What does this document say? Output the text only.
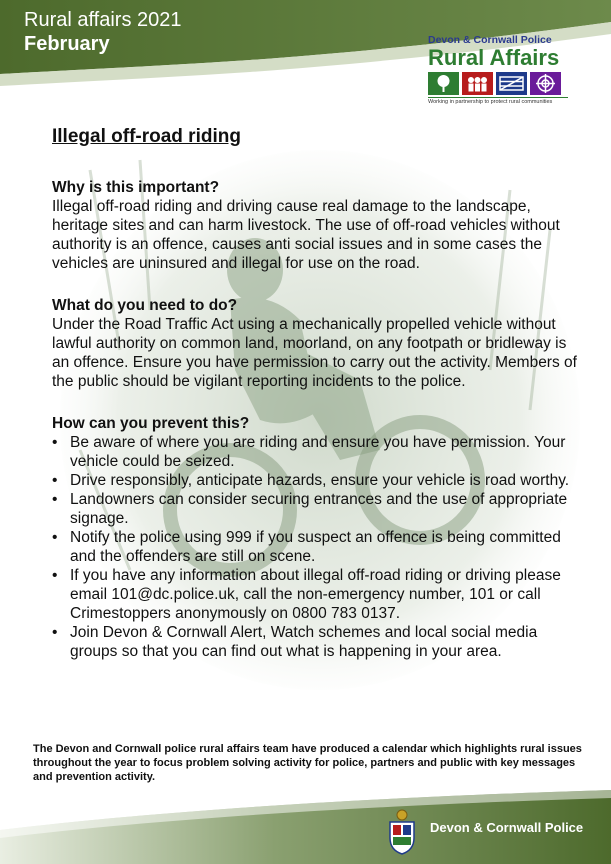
Rural affairs 2021
February	Devon & Cornwall Police
Rural Affairs
Working in partnership to protect rural communities
Illegal off-road riding
Why is this important?
Illegal off-road riding and driving cause real damage to the landscape, heritage sites and can harm livestock. The use of off-road vehicles without authority is an offence, causes anti social issues and in some cases the vehicles are uninsured and illegal for use on the road.
What do you need to do?
Under the Road Traffic Act using a mechanically propelled vehicle without lawful authority on common land, moorland, on any footpath or bridleway is an offence. Ensure you have permission to carry out the activity. Members of the public should be vigilant reporting incidents to the police.
How can you prevent this?
• Be aware of where you are riding and ensure you have permission. Your vehicle could be seized.
• Drive responsibly, anticipate hazards, ensure your vehicle is road worthy.
• Landowners can consider securing entrances and the use of appropriate signage.
• Notify the police using 999 if you suspect an offence is being committed and the offenders are still on scene.
• If you have any information about illegal off-road riding or driving please email 101@dc.police.uk, call the non-emergency number, 101 or call Crimestoppers anonymously on 0800 783 0137.
• Join Devon & Cornwall Alert, Watch schemes and local social media groups so that you can find out what is happening in your area.
The Devon and Cornwall police rural affairs team have produced a calendar which highlights rural issues throughout the year to focus problem solving activity for police, partners and public with key messages and prevention activity.
Devon & Cornwall Police
